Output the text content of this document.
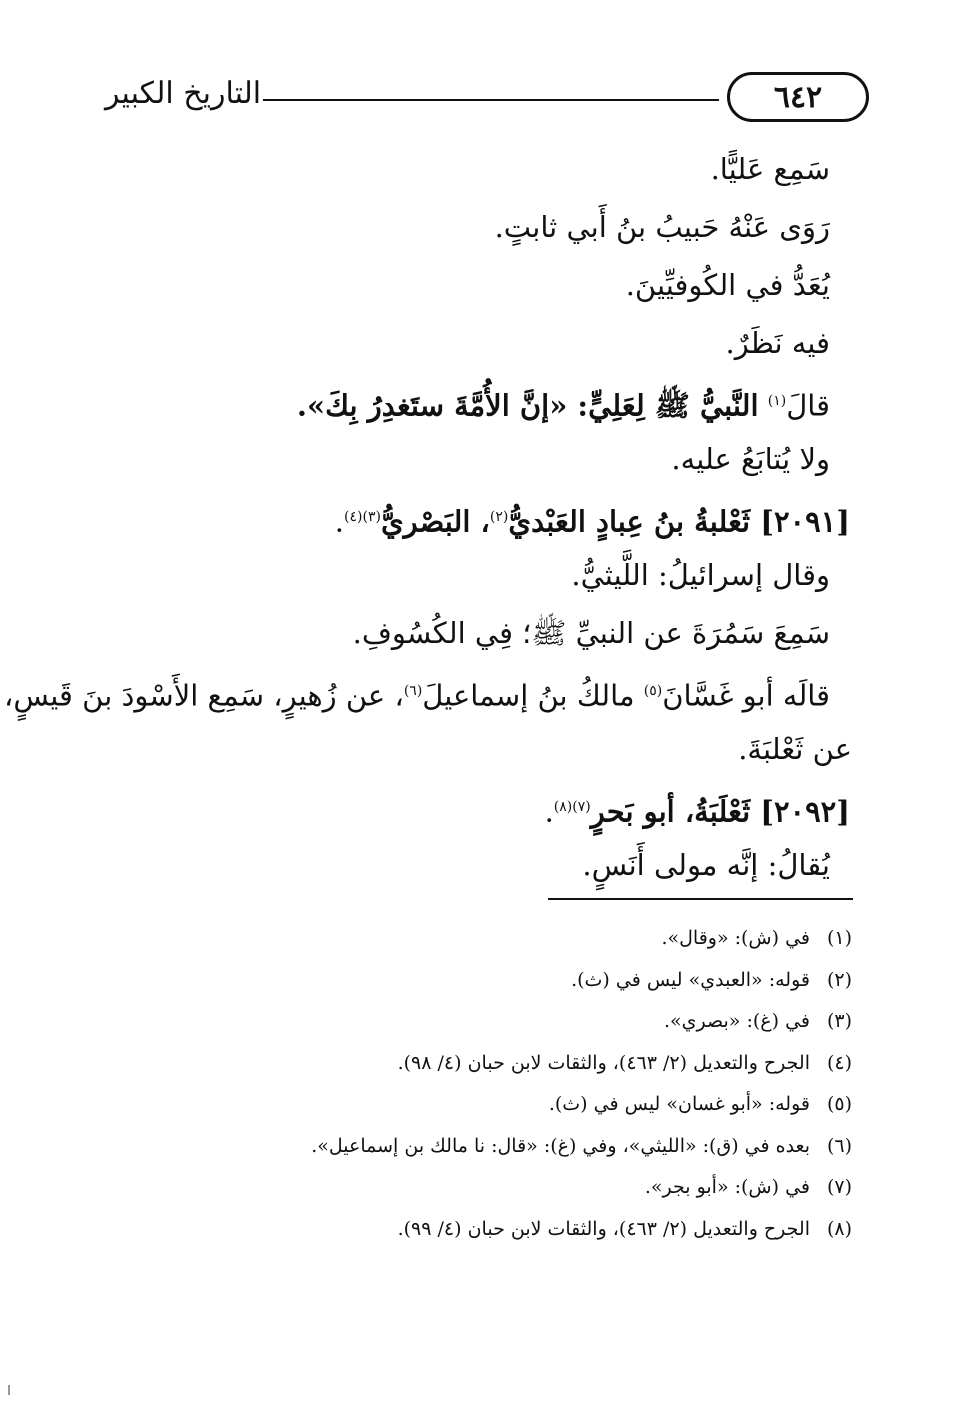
التاريخ الكبير	٦٤٢
سَمِع عَليًّا.
رَوَى عَنْهُ حَبيبُ بنُ أَبي ثابتٍ.
يُعَدُّ في الكُوفيِّينَ.
فيه نَظَرٌ.
قالَ$^{(١)}$ النَّبيُّ ﷺ لِعَلِيٍّ: «إنَّ الأُمَّةَ ستَغدِرُ بِكَ».
ولا يُتابَعُ عليه.
[٢٠٩١] ثَعْلبةُ بنُ عِبادٍ العَبْديُّ$^{(٢)}$، البَصْريُّ$^{(٣)(٤)}$.
وقال إسرائيلُ: اللَّيثيُّ.
سَمِعَ سَمُرَةَ عن النبيِّ ﷺ؛ فِي الكُسُوفِ.
قالَه أبو غَسَّانَ$^{(٥)}$ مالكُ بنُ إسماعيلَ$^{(٦)}$، عن زُهيرٍ، سَمِع الأَسْودَ بنَ قَيسٍ،
عن ثَعْلبَةَ.
[٢٠٩٢] ثَعْلَبَةُ، أبو بَحرٍ$^{(٧)(٨)}$.
يُقالُ: إنَّه مولى أَنَسٍ.
(١)
في (ش): «وقال».
(٢)
قوله: «العبدي» ليس في (ث).
(٣)
في (غ): «بصري».
(٤)
الجرح والتعديل (٢/ ٤٦٣)، والثقات لابن حبان (٤/ ٩٨).
(٥)
قوله: «أبو غسان» ليس في (ث).
(٦)
بعده في (ق): «الليثي»، وفي (غ): «قال: نا مالك بن إسماعيل».
(٧)
في (ش): «أبو بجر».
(٨)
الجرح والتعديل (٢/ ٤٦٣)، والثقات لابن حبان (٤/ ٩٩).
